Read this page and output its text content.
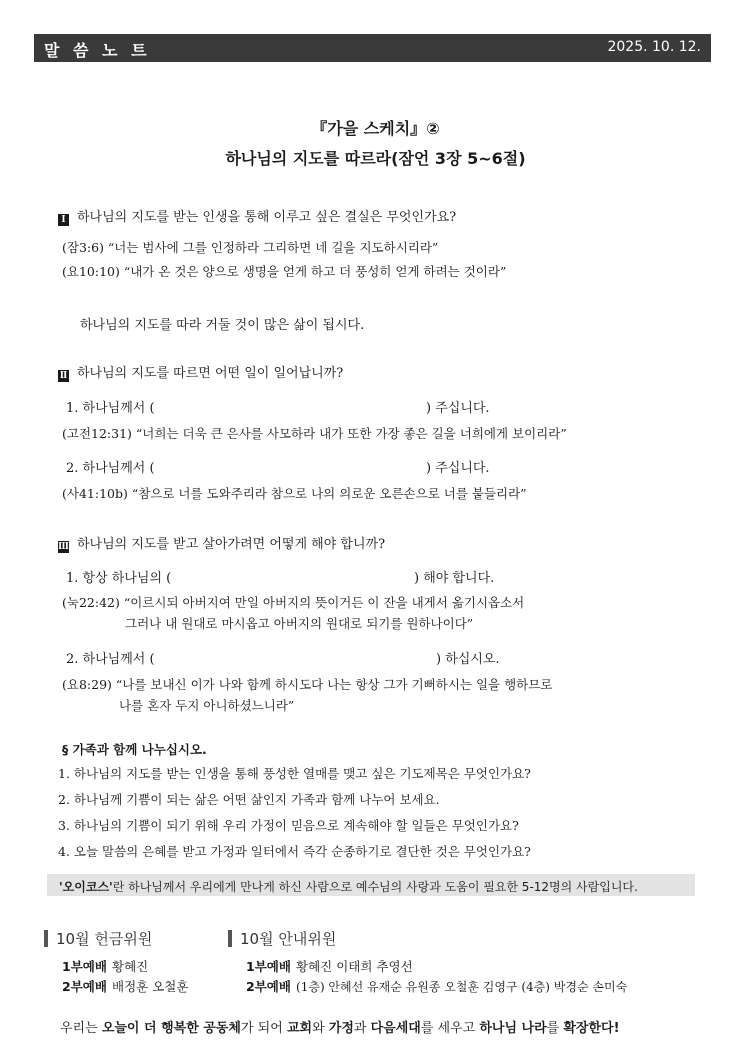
말 씀 노 트	2025. 10. 12.
『가을 스케치』②
하나님의 지도를 따르라(잠언 3장 5~6절)
Ⅰ 하나님의 지도를 받는 인생을 통해 이루고 싶은 결실은 무엇인가요?
(잠3:6) “너는 범사에 그를 인정하라 그리하면 네 길을 지도하시리라”
(요10:10) “내가 온 것은 양으로 생명을 얻게 하고 더 풍성히 얻게 하려는 것이라”
하나님의 지도를 따라 거둘 것이 많은 삶이 됩시다.
Ⅱ 하나님의 지도를 따르면 어떤 일이 일어납니까?
1. 하나님께서 (	) 주십니다.
(고전12:31) “너희는 더욱 큰 은사를 사모하라 내가 또한 가장 좋은 길을 너희에게 보이리라”
2. 하나님께서 (	) 주십니다.
(사41:10b) “참으로 너를 도와주리라 참으로 나의 의로운 오른손으로 너를 붙들리라”
Ⅲ 하나님의 지도를 받고 살아가려면 어떻게 해야 합니까?
1. 항상 하나님의 (	) 해야 합니다.
(눅22:42) “이르시되 아버지여 만일 아버지의 뜻이거든 이 잔을 내게서 옮기시옵소서
그러나 내 원대로 마시옵고 아버지의 원대로 되기를 원하나이다”
2. 하나님께서 (	) 하십시오.
(요8:29) “나를 보내신 이가 나와 함께 하시도다 나는 항상 그가 기뻐하시는 일을 행하므로
나를 혼자 두지 아니하셨느니라”
§ 가족과 함께 나누십시오.
1. 하나님의 지도를 받는 인생을 통해 풍성한 열매를 맺고 싶은 기도제목은 무엇인가요?
2. 하나님께 기쁨이 되는 삶은 어떤 삶인지 가족과 함께 나누어 보세요.
3. 하나님의 기쁨이 되기 위해 우리 가정이 믿음으로 계속해야 할 일들은 무엇인가요?
4. 오늘 말씀의 은혜를 받고 가정과 일터에서 즉각 순종하기로 결단한 것은 무엇인가요?
'오이코스'란 하나님께서 우리에게 만나게 하신 사람으로 예수님의 사랑과 도움이 필요한 5-12명의 사람입니다.
10월 헌금위원
1부예배 황혜진
2부예배 배정훈 오철훈
10월 안내위원
1부예배 황혜진 이태희 추영선
2부예배 (1층) 안혜선 유재순 유원종 오철훈 김영구 (4층) 박경순 손미숙
우리는 오늘이 더 행복한 공동체가 되어 교회와 가정과 다음세대를 세우고 하나님 나라를 확장한다!
